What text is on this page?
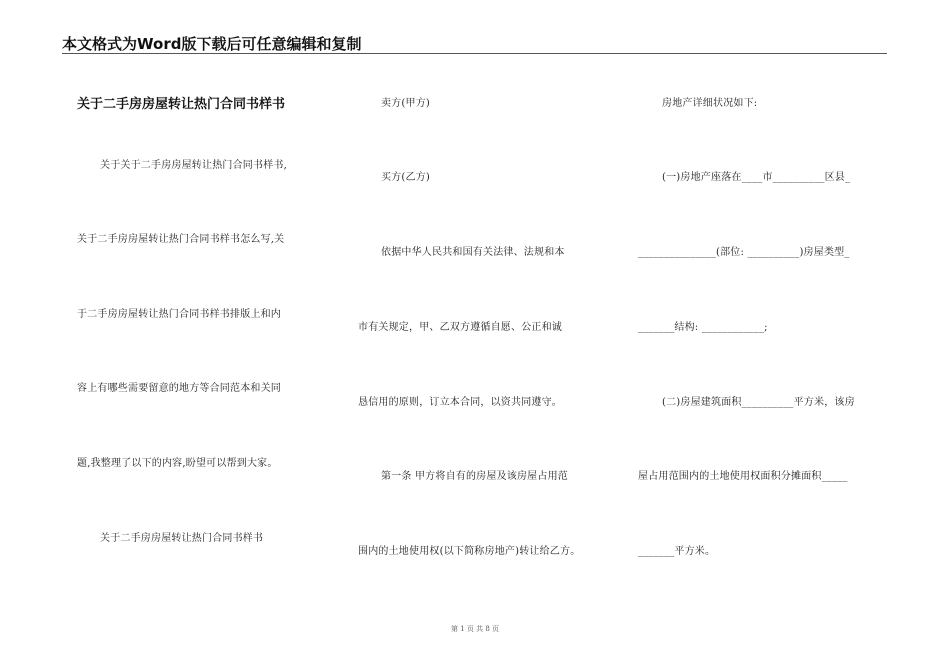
本文格式为Word版下载后可任意编辑和复制
关于二手房房屋转让热门合同书样书
关于关于二手房房屋转让热门合同书样书,
关于二手房房屋转让热门合同书样书怎么写,关
于二手房房屋转让热门合同书样书排版上和内
容上有哪些需要留意的地方等合同范本和关同
题,我整理了以下的内容,盼望可以帮到大家。
关于二手房房屋转让热门合同书样书
卖方(甲方)
买方(乙方)
依据中华人民共和国有关法律、法规和本
市有关规定，甲、乙双方遵循自愿、公正和诚
恳信用的原则，订立本合同，以资共同遵守。
第一条 甲方将自有的房屋及该房屋占用范
围内的土地使用权(以下简称房地产)转让给乙方。
房地产详细状况如下:
(一)房地产座落在____市__________区县_
_______________(部位: __________)房屋类型_
_______结构: ____________;
(二)房屋建筑面积__________平方米，该房
屋占用范围内的土地使用权面积分摊面积_____
_______平方米。
第 1 页 共 8 页
